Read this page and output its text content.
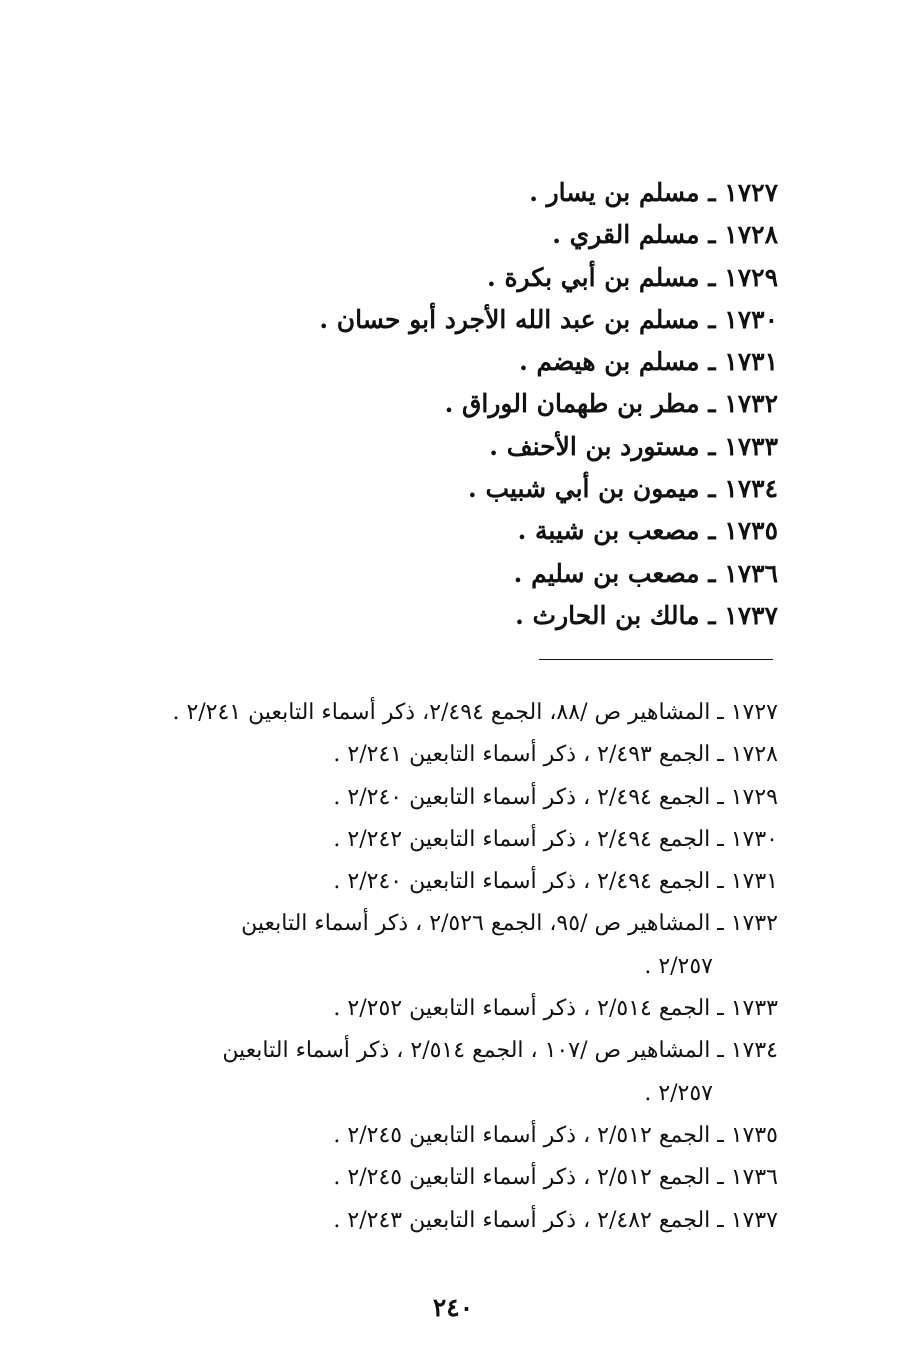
١٧٢٧ ـ مسلم بن يسار .
١٧٢٨ ـ مسلم القري .
١٧٢٩ ـ مسلم بن أبي بكرة .
١٧٣٠ ـ مسلم بن عبد الله الأجرد أبو حسان .
١٧٣١ ـ مسلم بن هيضم .
١٧٣٢ ـ مطر بن طهمان الوراق .
١٧٣٣ ـ مستورد بن الأحنف .
١٧٣٤ ـ ميمون بن أبي شبيب .
١٧٣٥ ـ مصعب بن شيبة .
١٧٣٦ ـ مصعب بن سليم .
١٧٣٧ ـ مالك بن الحارث .
١٧٢٧ ـ المشاهير ص /٨٨، الجمع ٢/٤٩٤، ذكر أسماء التابعين ٢/٢٤١ .
١٧٢٨ ـ الجمع ٢/٤٩٣ ، ذكر أسماء التابعين ٢/٢٤١ .
١٧٢٩ ـ الجمع ٢/٤٩٤ ، ذكر أسماء التابعين ٢/٢٤٠ .
١٧٣٠ ـ الجمع ٢/٤٩٤ ، ذكر أسماء التابعين ٢/٢٤٢ .
١٧٣١ ـ الجمع ٢/٤٩٤ ، ذكر أسماء التابعين ٢/٢٤٠ .
١٧٣٢ ـ المشاهير ص /٩٥، الجمع ٢/٥٢٦ ، ذكر أسماء التابعين
٢/٢٥٧ .
١٧٣٣ ـ الجمع ٢/٥١٤ ، ذكر أسماء التابعين ٢/٢٥٢ .
١٧٣٤ ـ المشاهير ص /١٠٧ ، الجمع ٢/٥١٤ ، ذكر أسماء التابعين
٢/٢٥٧ .
١٧٣٥ ـ الجمع ٢/٥١٢ ، ذكر أسماء التابعين ٢/٢٤٥ .
١٧٣٦ ـ الجمع ٢/٥١٢ ، ذكر أسماء التابعين ٢/٢٤٥ .
١٧٣٧ ـ الجمع ٢/٤٨٢ ، ذكر أسماء التابعين ٢/٢٤٣ .
٢٤٠
